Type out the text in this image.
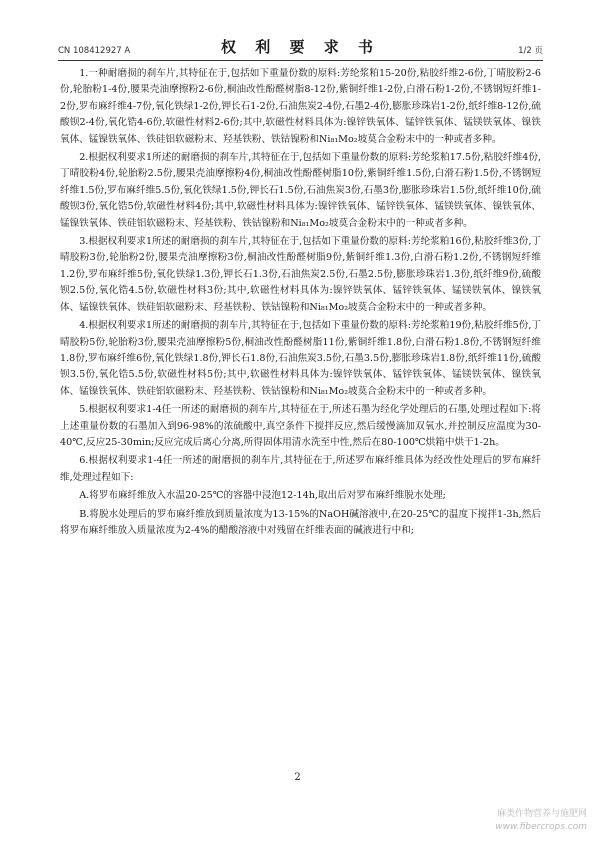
CN 108412927 A	权 利 要 求 书	1/2 页

1.一种耐磨损的刹车片,其特征在于,包括如下重量份数的原料:芳纶浆粕15-20份,粘胶纤维2-6份,丁晴胶粉2-6份,轮胎粉1-4份,腰果壳油摩擦粉2-6份,桐油改性酚醛树脂8-12份,紫铜纤维1-2份,白滑石粉1-2份,不锈钢短纤维1-2份,罗布麻纤维4-7份,氧化铁绿1-2份,钾长石1-2份,石油焦炭2-4份,石墨2-4份,膨胀珍珠岩1-2份,纸纤维8-12份,硫酸钡2-4份,氧化锆4-6份,软磁性材料2-6份;其中,软磁性材料具体为:镍锌铁氧体、锰锌铁氧体、锰镁铁氧体、镍铁氧体、锰镍铁氧体、铁硅铝软磁粉末、羟基铁粉、铁钴镍粉和Ni₈₁Mo₂坡莫合金粉末中的一种或者多种。

2.根据权利要求1所述的耐磨损的刹车片,其特征在于,包括如下重量份数的原料:芳纶浆粕17.5份,粘胶纤维4份,丁晴胶粉4份,轮胎粉2.5份,腰果壳油摩擦粉4份,桐油改性酚醛树脂10份,紫铜纤维1.5份,白滑石粉1.5份,不锈钢短纤维1.5份,罗布麻纤维5.5份,氧化铁绿1.5份,钾长石1.5份,石油焦炭3份,石墨3份,膨胀珍珠岩1.5份,纸纤维10份,硫酸钡3份,氧化锆5份,软磁性材料4份;其中,软磁性材料具体为:镍锌铁氧体、锰锌铁氧体、锰镁铁氧体、镍铁氧体、锰镍铁氧体、铁硅铝软磁粉末、羟基铁粉、铁钴镍粉和Ni₈₁Mo₂坡莫合金粉末中的一种或者多种。

3.根据权利要求1所述的耐磨损的刹车片,其特征在于,包括如下重量份数的原料:芳纶浆粕16份,粘胶纤维3份,丁晴胶粉3份,轮胎粉2份,腰果壳油摩擦粉3份,桐油改性酚醛树脂9份,紫铜纤维1.3份,白滑石粉1.2份,不锈钢短纤维1.2份,罗布麻纤维5份,氧化铁绿1.3份,钾长石1.3份,石油焦炭2.5份,石墨2.5份,膨胀珍珠岩1.3份,纸纤维9份,硫酸钡2.5份,氧化锆4.5份,软磁性材料3份;其中,软磁性材料具体为:镍锌铁氧体、锰锌铁氧体、锰镁铁氧体、镍铁氧体、锰镍铁氧体、铁硅铝软磁粉末、羟基铁粉、铁钴镍粉和Ni₈₁Mo₂坡莫合金粉末中的一种或者多种。

4.根据权利要求1所述的耐磨损的刹车片,其特征在于,包括如下重量份数的原料:芳纶浆粕19份,粘胶纤维5份,丁晴胶粉5份,轮胎粉3份,腰果壳油摩擦粉5份,桐油改性酚醛树脂11份,紫铜纤维1.8份,白滑石粉1.8份,不锈钢短纤维1.8份,罗布麻纤维6份,氧化铁绿1.8份,钾长石1.8份,石油焦炭3.5份,石墨3.5份,膨胀珍珠岩1.8份,纸纤维11份,硫酸钡3.5份,氧化锆5.5份,软磁性材料5份;其中,软磁性材料具体为:镍锌铁氧体、锰锌铁氧体、锰镁铁氧体、镍铁氧体、锰镍铁氧体、铁硅铝软磁粉末、羟基铁粉、铁钴镍粉和Ni₈₁Mo₂坡莫合金粉末中的一种或者多种。

5.根据权利要求1-4任一所述的耐磨损的刹车片,其特征在于,所述石墨为经化学处理后的石墨,处理过程如下:将上述重量份数的石墨加入到96-98%的浓硫酸中,真空条件下搅拌反应,然后缓慢滴加双氧水,并控制反应温度为30-40℃,反应25-30min;反应完成后离心分离,所得固体用清水洗至中性,然后在80-100℃烘箱中烘干1-2h。

6.根据权利要求1-4任一所述的耐磨损的刹车片,其特征在于,所述罗布麻纤维具体为经改性处理后的罗布麻纤维,处理过程如下:

A.将罗布麻纤维放入水温20-25℃的容器中浸泡12-14h,取出后对罗布麻纤维脱水处理;

B.将脱水处理后的罗布麻纤维放到质量浓度为13-15%的NaOH碱溶液中,在20-25℃的温度下搅拌1-3h,然后将罗布麻纤维放入质量浓度为2-4%的醋酸溶液中对残留在纤维表面的碱液进行中和;

2
麻类作物营养与施肥网
www.fibercrops.com
